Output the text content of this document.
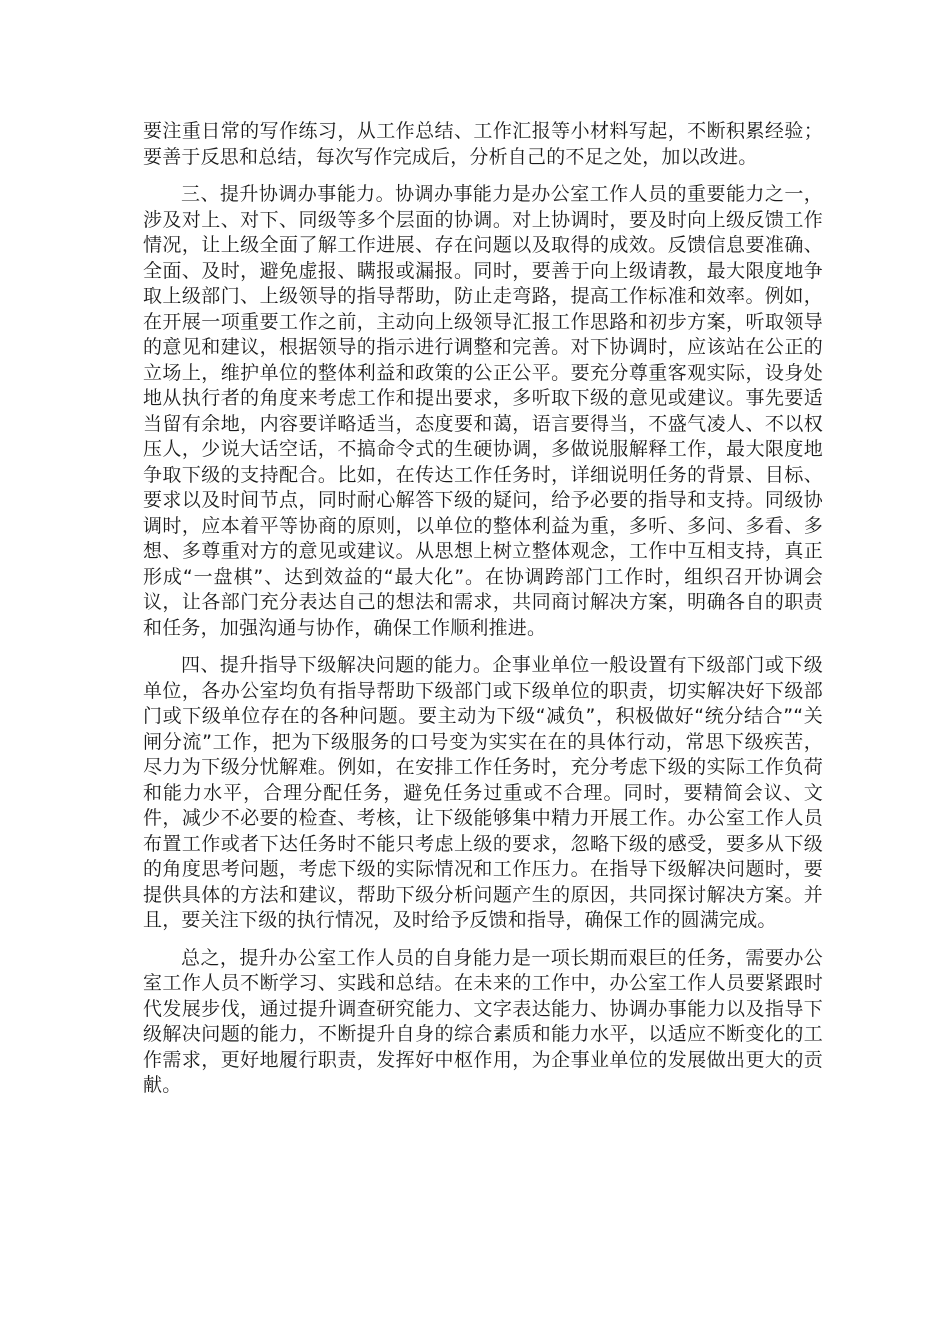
要注重日常的写作练习，从工作总结、工作汇报等小材料写起，不断积累经验；要善于反思和总结，每次写作完成后，分析自己的不足之处，加以改进。

三、提升协调办事能力。协调办事能力是办公室工作人员的重要能力之一，涉及对上、对下、同级等多个层面的协调。对上协调时，要及时向上级反馈工作情况，让上级全面了解工作进展、存在问题以及取得的成效。反馈信息要准确、全面、及时，避免虚报、瞒报或漏报。同时，要善于向上级请教，最大限度地争取上级部门、上级领导的指导帮助，防止走弯路，提高工作标准和效率。例如，在开展一项重要工作之前，主动向上级领导汇报工作思路和初步方案，听取领导的意见和建议，根据领导的指示进行调整和完善。对下协调时，应该站在公正的立场上，维护单位的整体利益和政策的公正公平。要充分尊重客观实际，设身处地从执行者的角度来考虑工作和提出要求，多听取下级的意见或建议。事先要适当留有余地，内容要详略适当，态度要和蔼，语言要得当，不盛气凌人、不以权压人，少说大话空话，不搞命令式的生硬协调，多做说服解释工作，最大限度地争取下级的支持配合。比如，在传达工作任务时，详细说明任务的背景、目标、要求以及时间节点，同时耐心解答下级的疑问，给予必要的指导和支持。同级协调时，应本着平等协商的原则，以单位的整体利益为重，多听、多问、多看、多想、多尊重对方的意见或建议。从思想上树立整体观念，工作中互相支持，真正形成“一盘棋”、达到效益的“最大化”。在协调跨部门工作时，组织召开协调会议，让各部门充分表达自己的想法和需求，共同商讨解决方案，明确各自的职责和任务，加强沟通与协作，确保工作顺利推进。

四、提升指导下级解决问题的能力。企事业单位一般设置有下级部门或下级单位，各办公室均负有指导帮助下级部门或下级单位的职责，切实解决好下级部门或下级单位存在的各种问题。要主动为下级“减负”，积极做好“统分结合”“关闸分流”工作，把为下级服务的口号变为实实在在的具体行动，常思下级疾苦，尽力为下级分忧解难。例如，在安排工作任务时，充分考虑下级的实际工作负荷和能力水平，合理分配任务，避免任务过重或不合理。同时，要精简会议、文件，减少不必要的检查、考核，让下级能够集中精力开展工作。办公室工作人员布置工作或者下达任务时不能只考虑上级的要求，忽略下级的感受，要多从下级的角度思考问题，考虑下级的实际情况和工作压力。在指导下级解决问题时，要提供具体的方法和建议，帮助下级分析问题产生的原因，共同探讨解决方案。并且，要关注下级的执行情况，及时给予反馈和指导，确保工作的圆满完成。

总之，提升办公室工作人员的自身能力是一项长期而艰巨的任务，需要办公室工作人员不断学习、实践和总结。在未来的工作中，办公室工作人员要紧跟时代发展步伐，通过提升调查研究能力、文字表达能力、协调办事能力以及指导下级解决问题的能力，不断提升自身的综合素质和能力水平，以适应不断变化的工作需求，更好地履行职责，发挥好中枢作用，为企事业单位的发展做出更大的贡献。
